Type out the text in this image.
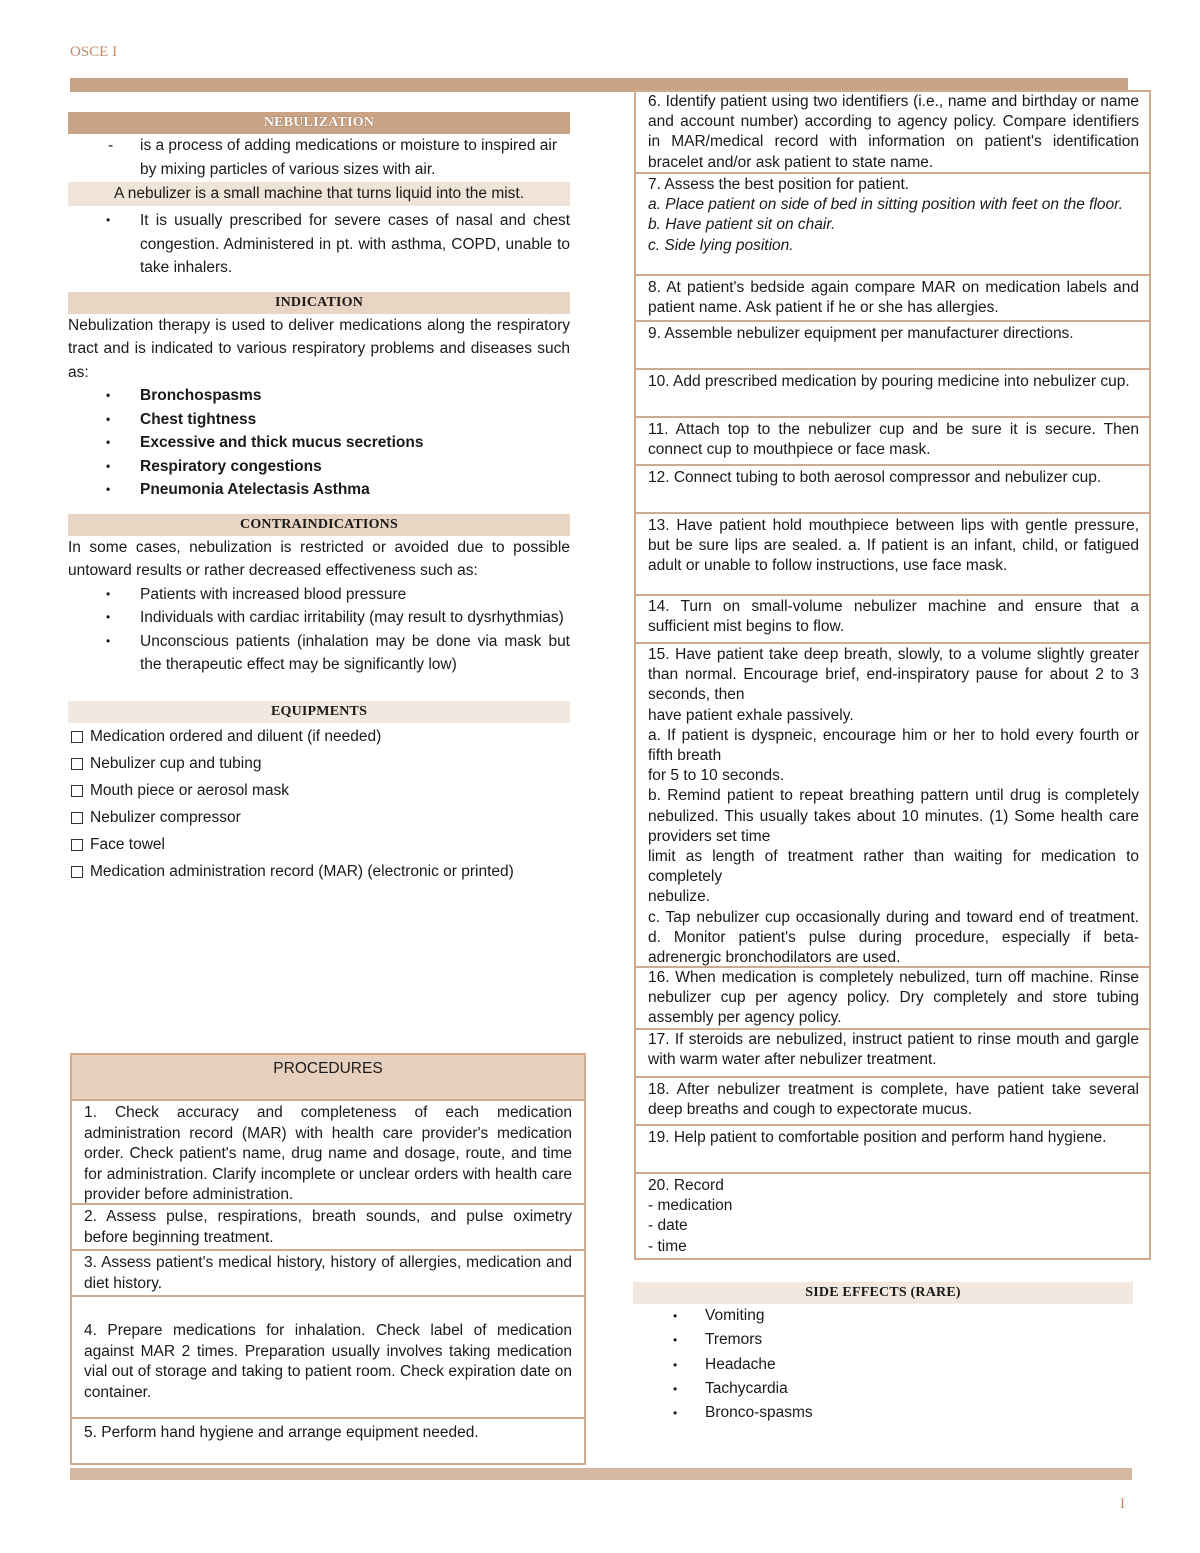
OSCE I
NEBULIZATION
-	is a process of adding medications or moisture to inspired air by mixing particles of various sizes with air.
A nebulizer is a small machine that turns liquid into the mist.
•	It is usually prescribed for severe cases of nasal and chest congestion. Administered in pt. with asthma, COPD, unable to take inhalers.
INDICATION
Nebulization therapy is used to deliver medications along the respiratory tract and is indicated to various respiratory problems and diseases such as:
•	Bronchospasms
•	Chest tightness
•	Excessive and thick mucus secretions
•	Respiratory congestions
•	Pneumonia Atelectasis Asthma
CONTRAINDICATIONS
In some cases, nebulization is restricted or avoided due to possible untoward results or rather decreased effectiveness such as:
•	Patients with increased blood pressure
•	Individuals with cardiac irritability (may result to dysrhythmias)
•	Unconscious patients (inhalation may be done via mask but the therapeutic effect may be significantly low)
EQUIPMENTS
Medication ordered and diluent (if needed)
Nebulizer cup and tubing
Mouth piece or aerosol mask
Nebulizer compressor
Face towel
Medication administration record (MAR) (electronic or printed)
PROCEDURES
1. Check accuracy and completeness of each medication administration record (MAR) with health care provider's medication order. Check patient's name, drug name and dosage, route, and time for administration. Clarify incomplete or unclear orders with health care provider before administration.
2. Assess pulse, respirations, breath sounds, and pulse oximetry before beginning treatment.
3. Assess patient's medical history, history of allergies, medication and diet history.
4. Prepare medications for inhalation. Check label of medication against MAR 2 times. Preparation usually involves taking medication vial out of storage and taking to patient room. Check expiration date on container.
5. Perform hand hygiene and arrange equipment needed.
6. Identify patient using two identifiers (i.e., name and birthday or name and account number) according to agency policy. Compare identifiers in MAR/medical record with information on patient's identification bracelet and/or ask patient to state name.
7. Assess the best position for patient.
a. Place patient on side of bed in sitting position with feet on the floor.
b. Have patient sit on chair.
c. Side lying position.
8. At patient's bedside again compare MAR on medication labels and patient name. Ask patient if he or she has allergies.
9. Assemble nebulizer equipment per manufacturer directions.
10. Add prescribed medication by pouring medicine into nebulizer cup.
11. Attach top to the nebulizer cup and be sure it is secure. Then connect cup to mouthpiece or face mask.
12. Connect tubing to both aerosol compressor and nebulizer cup.
13. Have patient hold mouthpiece between lips with gentle pressure, but be sure lips are sealed. a. If patient is an infant, child, or fatigued adult or unable to follow instructions, use face mask.
14. Turn on small-volume nebulizer machine and ensure that a sufficient mist begins to flow.
15. Have patient take deep breath, slowly, to a volume slightly greater than normal. Encourage brief, end-inspiratory pause for about 2 to 3 seconds, then
have patient exhale passively.
a. If patient is dyspneic, encourage him or her to hold every fourth or fifth breath
for 5 to 10 seconds.
b. Remind patient to repeat breathing pattern until drug is completely nebulized. This usually takes about 10 minutes. (1) Some health care providers set time
limit as length of treatment rather than waiting for medication to completely
nebulize.
c. Tap nebulizer cup occasionally during and toward end of treatment. d. Monitor patient's pulse during procedure, especially if beta- adrenergic bronchodilators are used.
16. When medication is completely nebulized, turn off machine. Rinse nebulizer cup per agency policy. Dry completely and store tubing assembly per agency policy.
17. If steroids are nebulized, instruct patient to rinse mouth and gargle with warm water after nebulizer treatment.
18. After nebulizer treatment is complete, have patient take several deep breaths and cough to expectorate mucus.
19. Help patient to comfortable position and perform hand hygiene.
20. Record
- medication
- date
- time
SIDE EFFECTS (RARE)
•	Vomiting
•	Tremors
•	Headache
•	Tachycardia
•	Bronco-spasms
I
